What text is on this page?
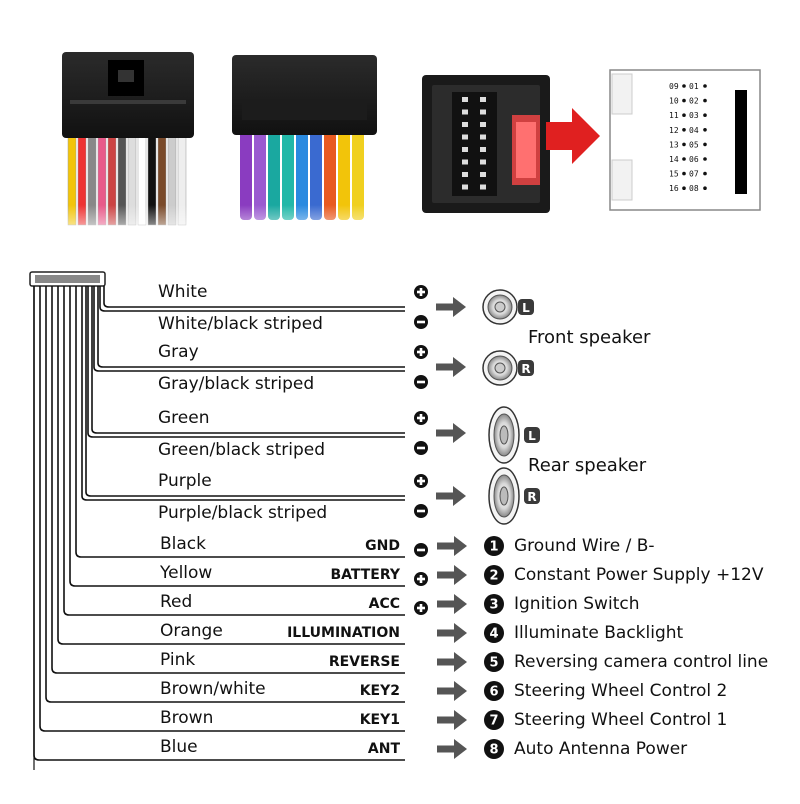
09 01
10 02
11 03
12 04
13 05
14 06
15 07
16 08
L
R
L
R
1
2
3
4
5
6
7
8
White
White/black striped
Gray
Gray/black striped
Green
Green/black striped
Purple
Purple/black striped
Front speaker
Rear speaker
Black	GND	Ground Wire / B-
Yellow	BATTERY	Constant Power Supply +12V
Red	ACC	Ignition Switch
Orange	ILLUMINATION	Illuminate Backlight
Pink	REVERSE	Reversing camera control line
Brown/white	KEY2	Steering Wheel Control 2
Brown	KEY1	Steering Wheel Control 1
Blue	ANT	Auto Antenna Power
